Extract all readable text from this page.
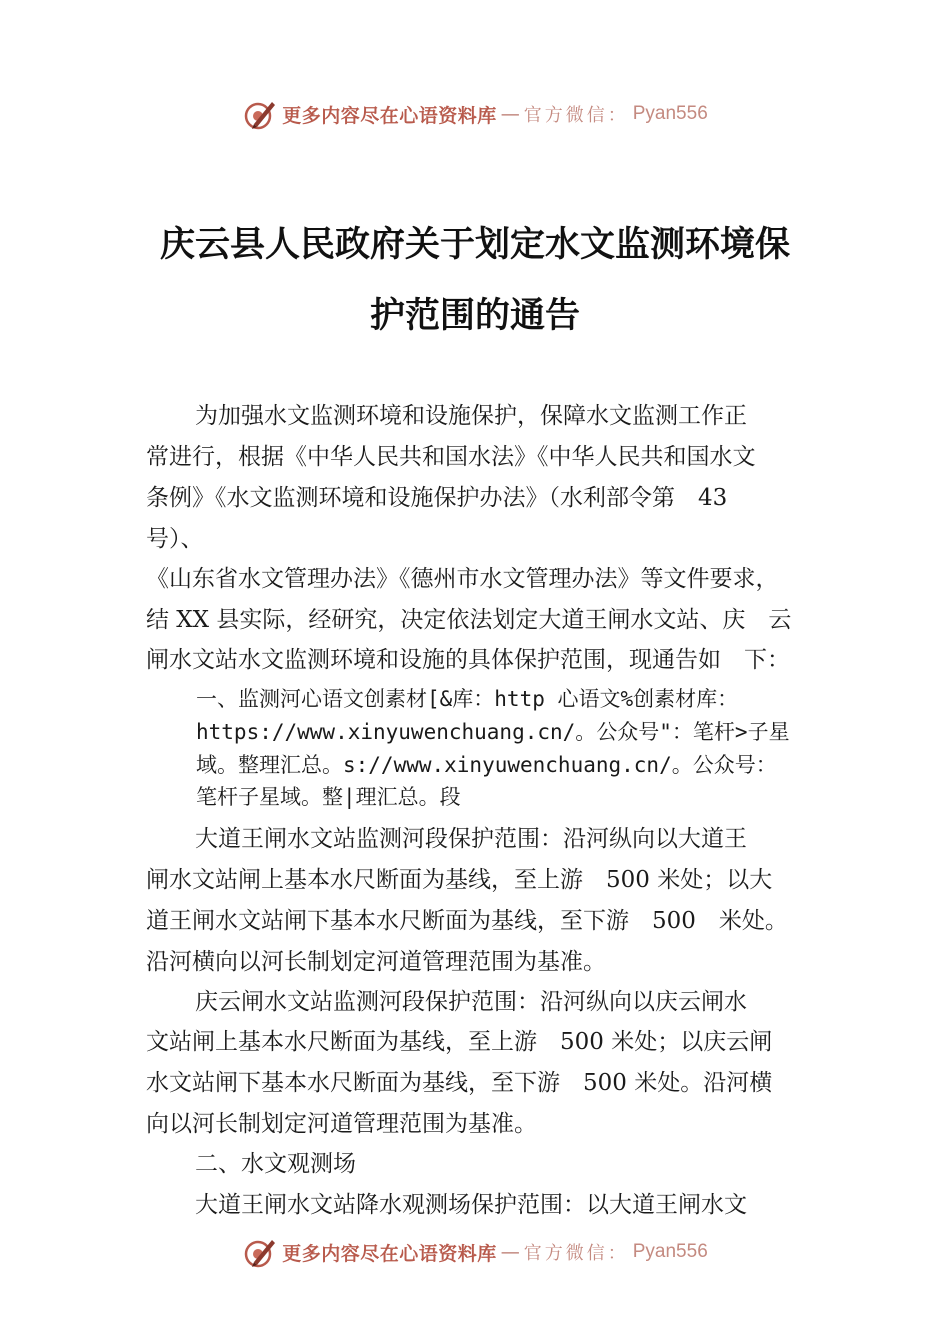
更多内容尽在心语资料库 — 官方微信： Pyan556
庆云县人民政府关于划定水文监测环境保
护范围的通告

为加强水文监测环境和设施保护，保障水文监测工作正

常进行，根据《中华人民共和国水法》《中华人民共和国水文

条例》《水文监测环境和设施保护办法》（水利部令第　43

号）、

《山东省水文管理办法》《德州市水文管理办法》等文件要求，

结 XX 县实际，经研究，决定依法划定大道王闸水文站、庆　云

闸水文站水文监测环境和设施的具体保护范围，现通告如　下：

一、监测河心语文创素材[&库：http 心语文%创素材库：

https://www.xinyuwenchuang.cn/。公众号"：笔杆>子星

域。整理汇总。s://www.xinyuwenchuang.cn/。公众号：

笔杆子星域。整|理汇总。段

大道王闸水文站监测河段保护范围：沿河纵向以大道王

闸水文站闸上基本水尺断面为基线，至上游　500 米处；以大

道王闸水文站闸下基本水尺断面为基线，至下游　500　米处。

沿河横向以河长制划定河道管理范围为基准。

庆云闸水文站监测河段保护范围：沿河纵向以庆云闸水

文站闸上基本水尺断面为基线，至上游　500 米处；以庆云闸

水文站闸下基本水尺断面为基线，至下游　500 米处。沿河横

向以河长制划定河道管理范围为基准。

二、水文观测场

大道王闸水文站降水观测场保护范围：以大道王闸水文

更多内容尽在心语资料库 — 官方微信： Pyan556
